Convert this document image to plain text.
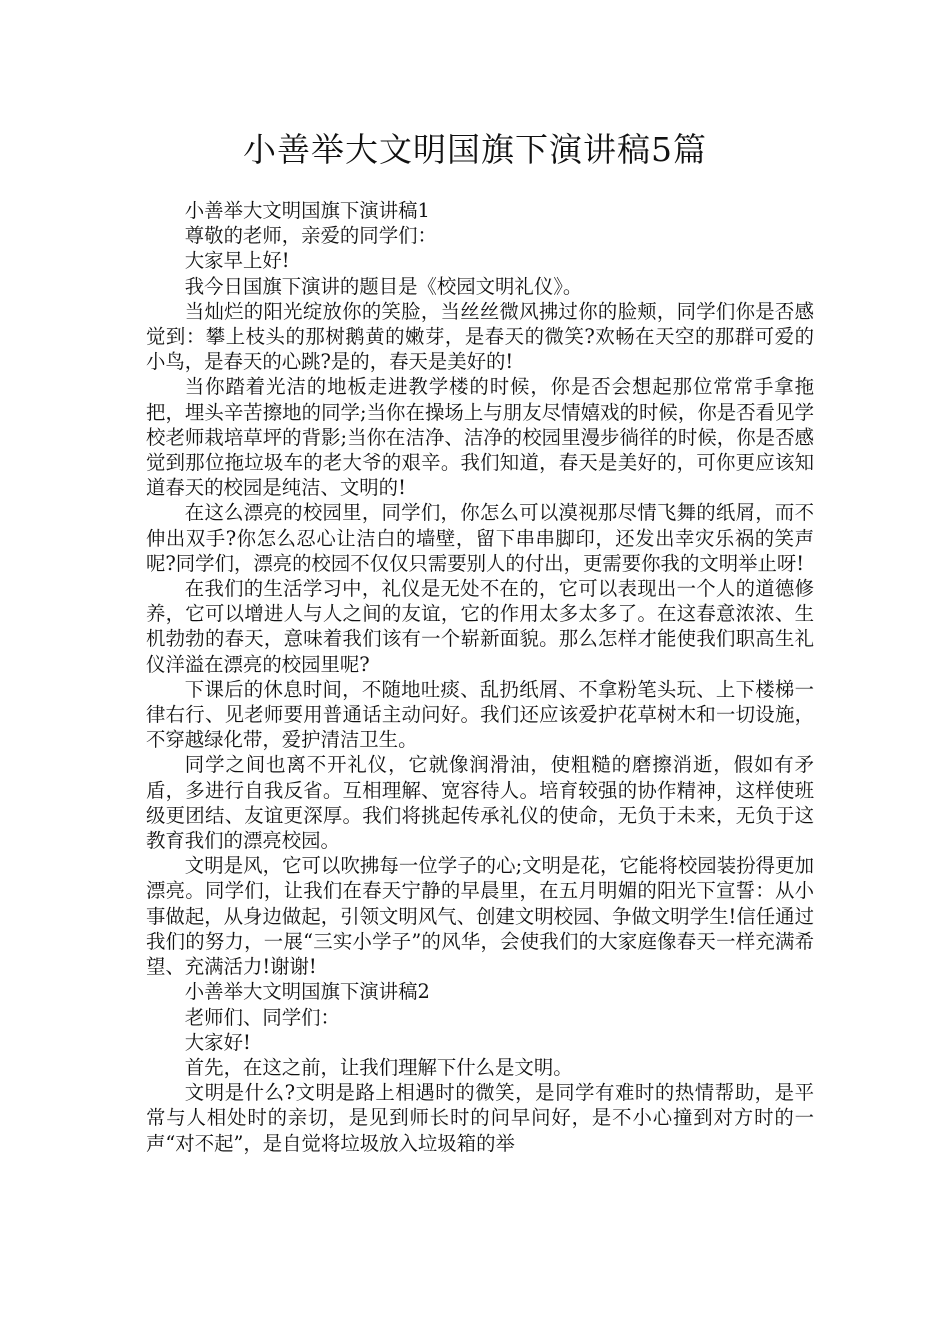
小善举大文明国旗下演讲稿5篇

小善举大文明国旗下演讲稿1

尊敬的老师，亲爱的同学们：

大家早上好!

我今日国旗下演讲的题目是《校园文明礼仪》。

当灿烂的阳光绽放你的笑脸，当丝丝微风拂过你的脸颊，同学们你是否感觉到：攀上枝头的那树鹅黄的嫩芽，是春天的微笑?欢畅在天空的那群可爱的小鸟，是春天的心跳?是的，春天是美好的!

当你踏着光洁的地板走进教学楼的时候，你是否会想起那位常常手拿拖把，埋头辛苦擦地的同学;当你在操场上与朋友尽情嬉戏的时候，你是否看见学校老师栽培草坪的背影;当你在洁净、洁净的校园里漫步徜徉的时候，你是否感觉到那位拖垃圾车的老大爷的艰辛。我们知道，春天是美好的，可你更应该知道春天的校园是纯洁、文明的!

在这么漂亮的校园里，同学们，你怎么可以漠视那尽情飞舞的纸屑，而不伸出双手?你怎么忍心让洁白的墙壁，留下串串脚印，还发出幸灾乐祸的笑声呢?同学们，漂亮的校园不仅仅只需要别人的付出，更需要你我的文明举止呀!

在我们的生活学习中，礼仪是无处不在的，它可以表现出一个人的道德修养，它可以增进人与人之间的友谊，它的作用太多太多了。在这春意浓浓、生机勃勃的春天，意味着我们该有一个崭新面貌。那么怎样才能使我们职高生礼仪洋溢在漂亮的校园里呢?

下课后的休息时间，不随地吐痰、乱扔纸屑、不拿粉笔头玩、上下楼梯一律右行、见老师要用普通话主动问好。我们还应该爱护花草树木和一切设施，不穿越绿化带，爱护清洁卫生。

同学之间也离不开礼仪，它就像润滑油，使粗糙的磨擦消逝，假如有矛盾，多进行自我反省。互相理解、宽容待人。培育较强的协作精神，这样使班级更团结、友谊更深厚。我们将挑起传承礼仪的使命，无负于未来，无负于这教育我们的漂亮校园。

文明是风，它可以吹拂每一位学子的心;文明是花，它能将校园装扮得更加漂亮。同学们，让我们在春天宁静的早晨里，在五月明媚的阳光下宣誓：从小事做起，从身边做起，引领文明风气、创建文明校园、争做文明学生!信任通过我们的努力，一展“三实小学子”的风华，会使我们的大家庭像春天一样充满希望、充满活力!谢谢!

小善举大文明国旗下演讲稿2

老师们、同学们：

大家好!

首先，在这之前，让我们理解下什么是文明。

文明是什么?文明是路上相遇时的微笑，是同学有难时的热情帮助，是平常与人相处时的亲切，是见到师长时的问早问好，是不小心撞到对方时的一声“对不起”，是自觉将垃圾放入垃圾箱的举
